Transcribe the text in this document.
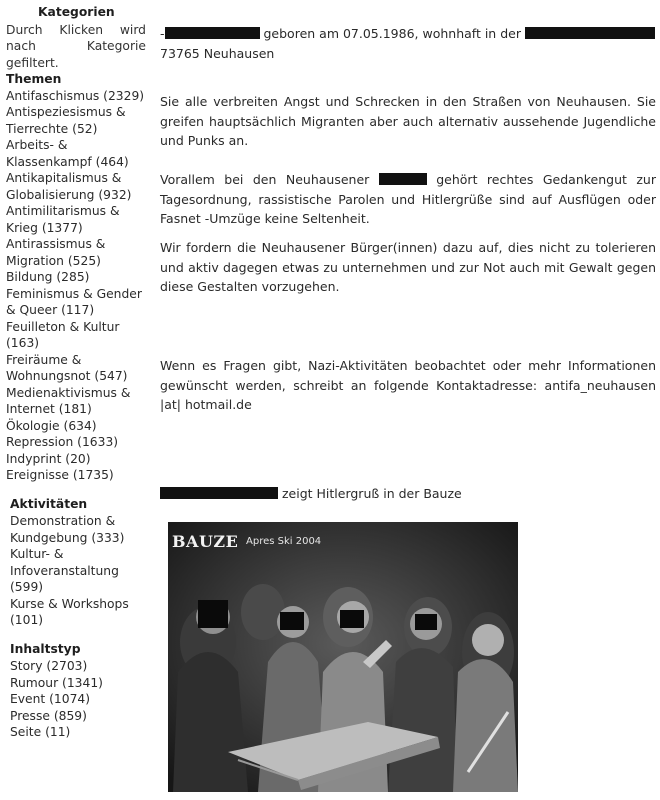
Kategorien
Durch Klicken wird
nach Kategorie
gefiltert.
Themen
Antifaschismus (2329)
Antispeziesismus & Tierrechte (52)
Arbeits- & Klassenkampf (464)
Antikapitalismus & Globalisierung (932)
Antimilitarismus & Krieg (1377)
Antirassismus & Migration (525)
Bildung (285)
Feminismus & Gender & Queer (117)
Feuilleton & Kultur (163)
Freiräume & Wohnungsnot (547)
Medienaktivismus & Internet (181)
Ökologie (634)
Repression (1633)
Indyprint (20)
Ereignisse (1735)
Aktivitäten
Demonstration & Kundgebung (333)
Kultur- & Infoveranstaltung (599)
Kurse & Workshops (101)
Inhaltstyp
Story (2703)
Rumour (1341)
Event (1074)
Presse (859)
Seite (11)

-	geboren am 07.05.1986, wohnhaft in der
73765 Neuhausen

Sie alle verbreiten Angst und Schrecken in den Straßen von Neuhausen. Sie greifen hauptsächlich Migranten aber auch alternativ aussehende Jugendliche und Punks an.

Vorallem bei den Neuhausener	gehört rechtes Gedankengut zur Tagesordnung, rassistische Parolen und Hitlergrüße sind auf Ausflügen oder Fasnet -Umzüge keine Seltenheit.

Wir fordern die Neuhausener Bürger(innen) dazu auf, dies nicht zu tolerieren und aktiv dagegen etwas zu unternehmen und zur Not auch mit Gewalt gegen diese Gestalten vorzugehen.

Wenn es Fragen gibt, Nazi-Aktivitäten beobachtet oder mehr Informationen gewünscht werden, schreibt an folgende Kontaktadresse: antifa_neuhausen |at| hotmail.de

zeigt Hitlergruß in der Bauze

BAUZE Apres Ski 2004
